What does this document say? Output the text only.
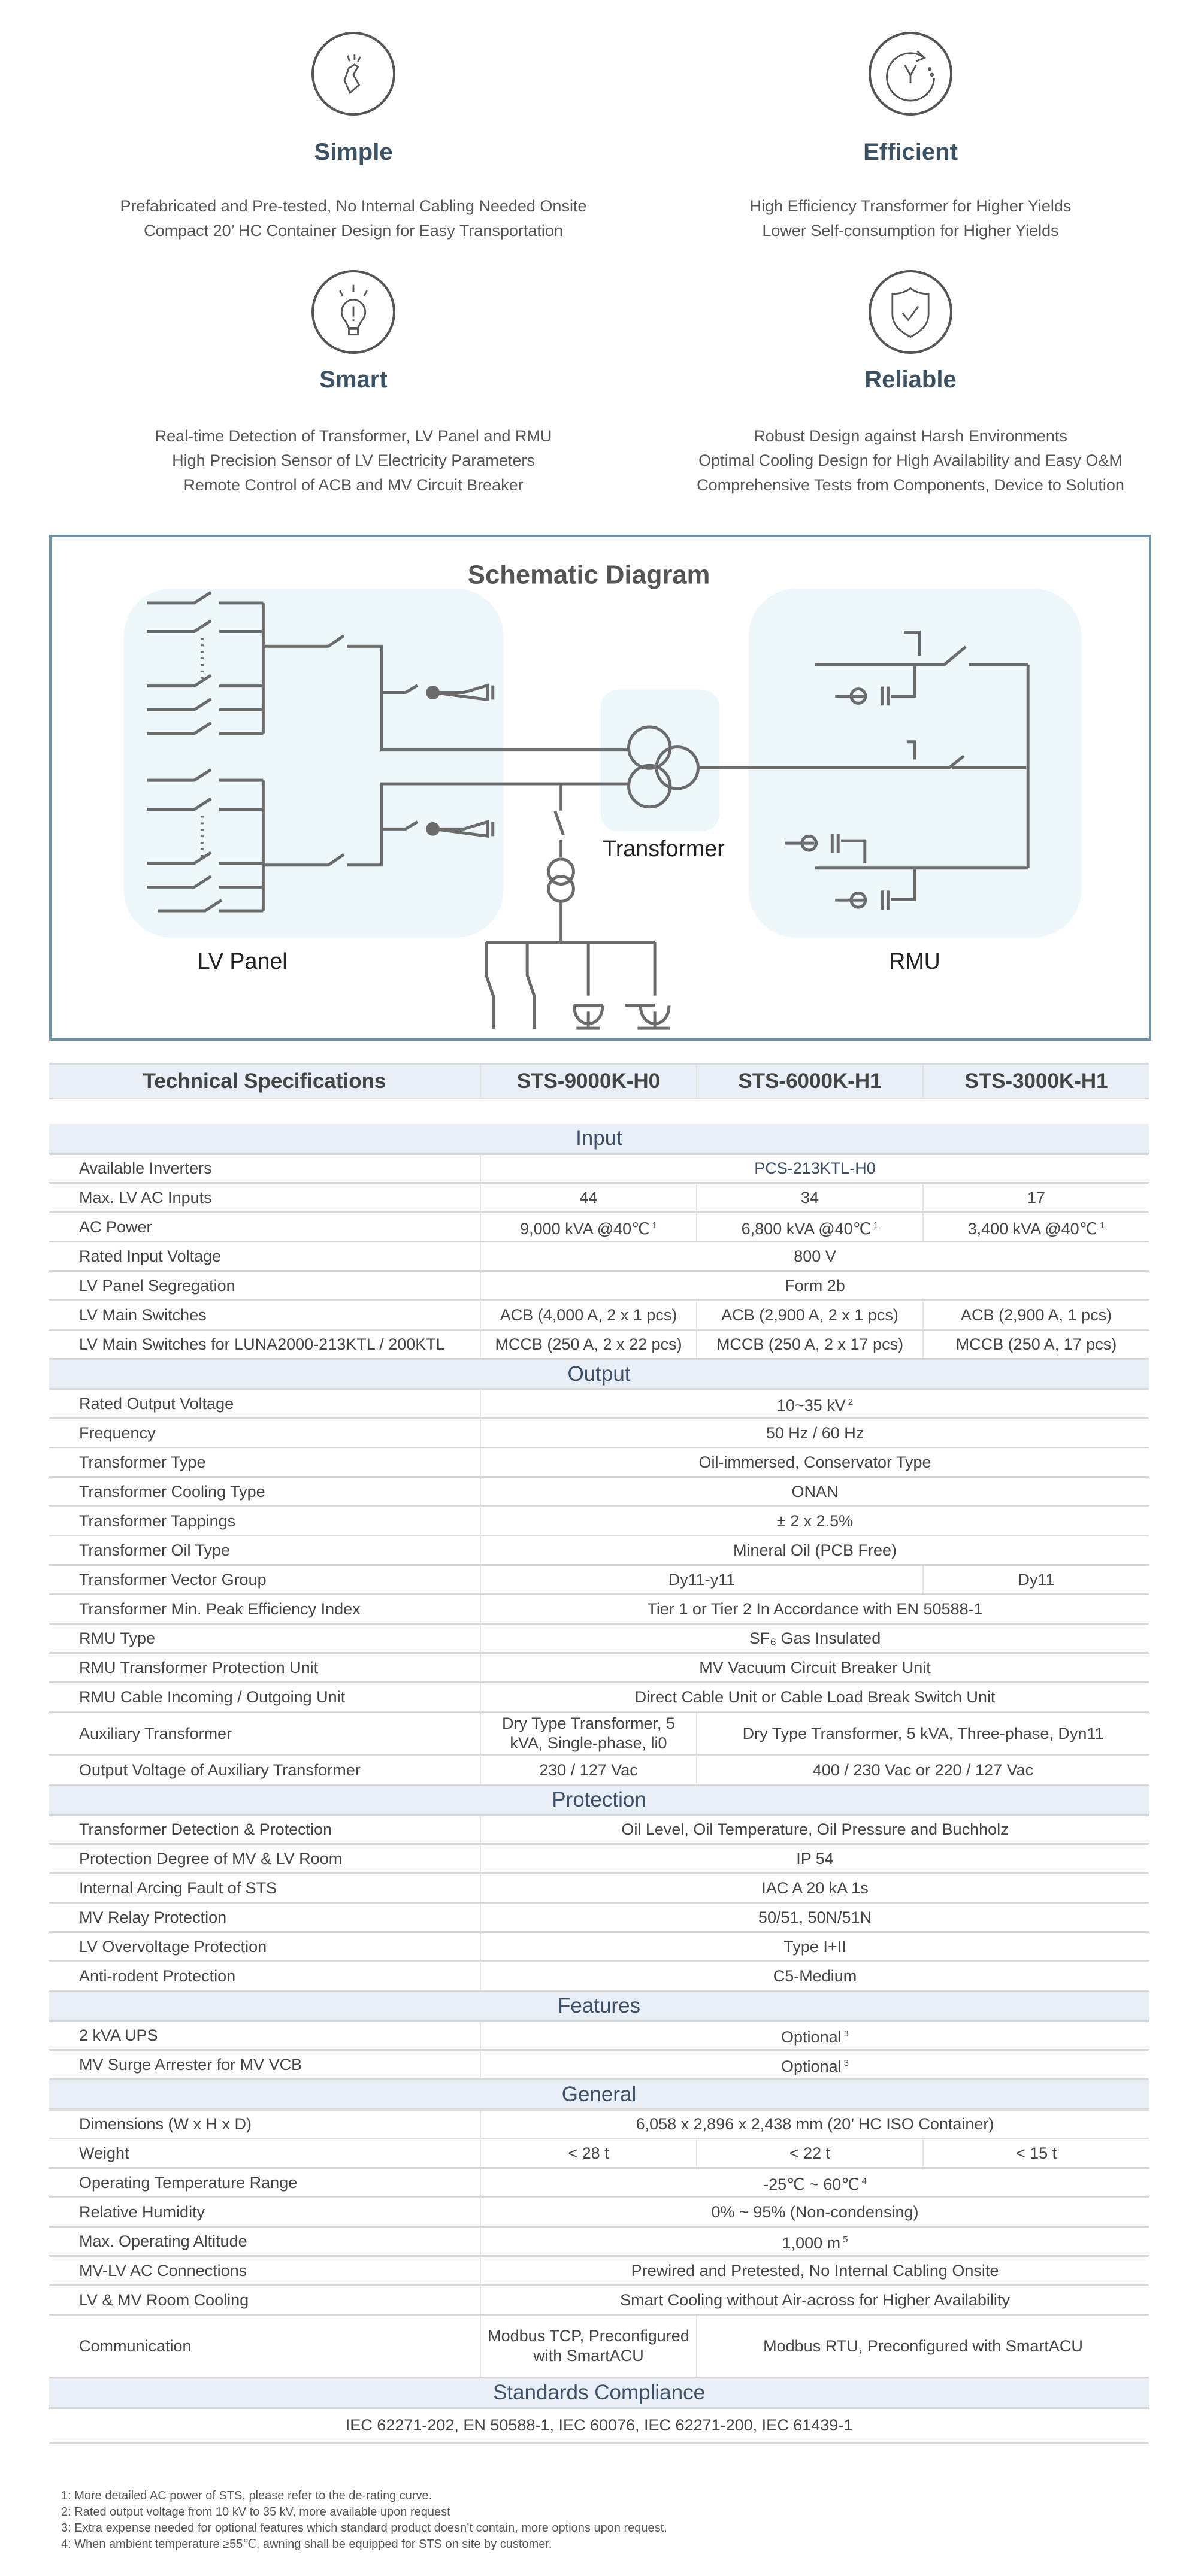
Simple
Prefabricated and Pre-tested, No Internal Cabling Needed Onsite
Compact 20’ HC Container Design for Easy Transportation
Efficient
High Efficiency Transformer for Higher Yields
Lower Self-consumption for Higher Yields
Smart
Real-time Detection of Transformer, LV Panel and RMU
High Precision Sensor of LV Electricity Parameters
Remote Control of ACB and MV Circuit Breaker
Reliable
Robust Design against Harsh Environments
Optimal Cooling Design for High Availability and Easy O&M
Comprehensive Tests from Components, Device to Solution
Schematic Diagram
LV Panel
Transformer
RMU
Technical Specifications	STS-9000K-H0	STS-6000K-H1	STS-3000K-H1

Input			
Available Inverters	PCS-213KTL-H0		
Max. LV AC Inputs	44	34	17
AC Power	9,000 kVA @40℃ $^1$	6,800 kVA @40℃ $^1$	3,400 kVA @40℃ $^1$
Rated Input Voltage	800 V		
LV Panel Segregation	Form 2b		
LV Main Switches	ACB (4,000 A, 2 x 1 pcs)	ACB (2,900 A, 2 x 1 pcs)	ACB (2,900 A, 1 pcs)
LV Main Switches for LUNA2000-213KTL / 200KTL	MCCB (250 A, 2 x 22 pcs)	MCCB (250 A, 2 x 17 pcs)	MCCB (250 A, 17 pcs)
Output			
Rated Output Voltage	10~35 kV $^2$
Frequency	50 Hz / 60 Hz		
Transformer Type	Oil-immersed, Conservator Type		
Transformer Cooling Type	ONAN		
Transformer Tappings	± 2 x 2.5%		
Transformer Oil Type	Mineral Oil (PCB Free)		
Transformer Vector Group	Dy11-y11		Dy11
Transformer Min. Peak Efficiency Index	Tier 1 or Tier 2 In Accordance with EN 50588-1		
RMU Type	SF₆ Gas Insulated		
RMU Transformer Protection Unit	MV Vacuum Circuit Breaker Unit		
RMU Cable Incoming / Outgoing Unit	Direct Cable Unit or Cable Load Break Switch Unit		
Auxiliary Transformer	Dry Type Transformer, 5 kVA, Single-phase, li0	Dry Type Transformer, 5 kVA, Three-phase, Dyn11	
Output Voltage of Auxiliary Transformer	230 / 127 Vac	400 / 230 Vac or 220 / 127 Vac	
Protection			
Transformer Detection & Protection	Oil Level, Oil Temperature, Oil Pressure and Buchholz		
Protection Degree of MV & LV Room	IP 54		
Internal Arcing Fault of STS	IAC A 20 kA 1s		
MV Relay Protection	50/51, 50N/51N		
LV Overvoltage Protection	Type I+II		
Anti-rodent Protection	C5-Medium		
Features			
2 kVA UPS	Optional $^3$
MV Surge Arrester for MV VCB	Optional $^3$
General			
Dimensions (W x H x D)	6,058 x 2,896 x 2,438 mm (20’ HC ISO Container)		
Weight	< 28 t	< 22 t	< 15 t
Operating Temperature Range	-25℃ ~ 60℃ $^4$
Relative Humidity	0% ~ 95% (Non-condensing)		
Max. Operating Altitude	1,000 m $^5$
MV-LV AC Connections	Prewired and Pretested, No Internal Cabling Onsite		
LV & MV Room Cooling	Smart Cooling without Air-across for Higher Availability		
Communication	Modbus TCP, Preconfigured with SmartACU	Modbus RTU, Preconfigured with SmartACU	
Standards Compliance			
IEC 62271-202, EN 50588-1, IEC 60076, IEC 62271-200, IEC 61439-1			
1: More detailed AC power of STS, please refer to the de-rating curve.
2: Rated output voltage from 10 kV to 35 kV, more available upon request
3: Extra expense needed for optional features which standard product doesn’t contain, more options upon request.
4: When ambient temperature ≥55℃, awning shall be equipped for STS on site by customer.
